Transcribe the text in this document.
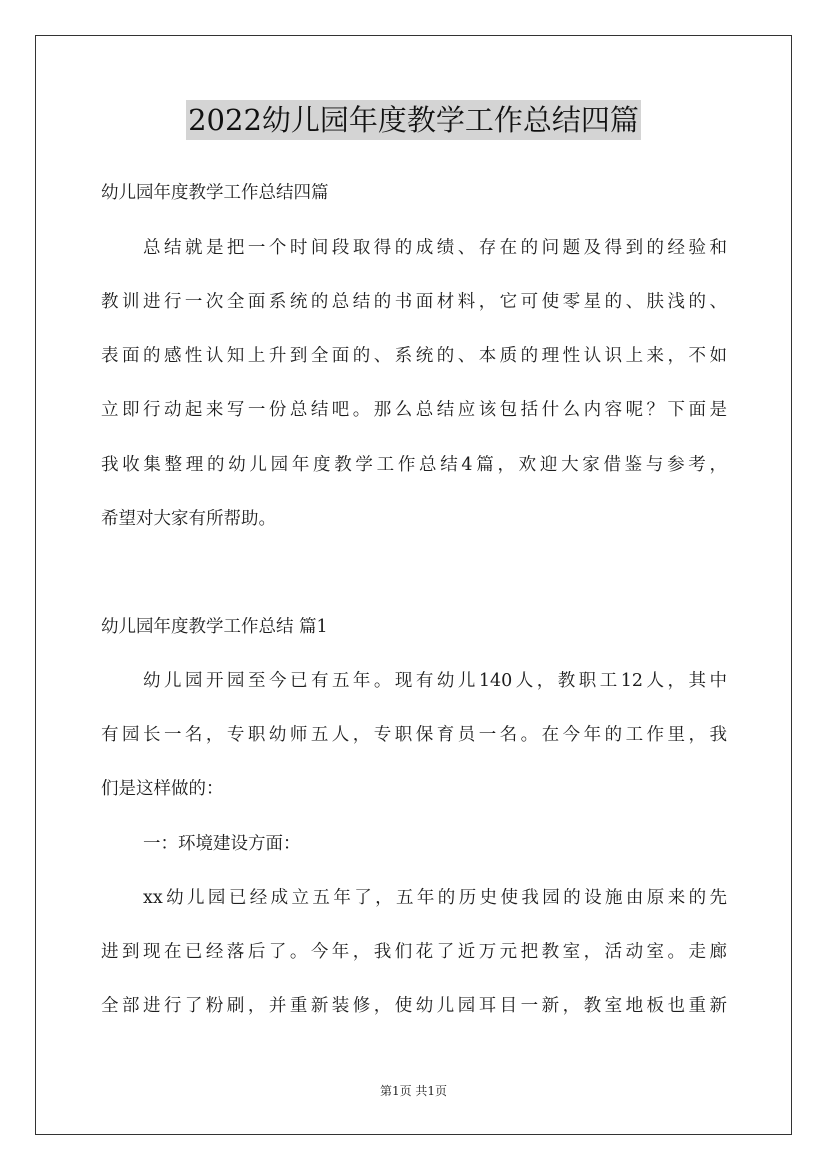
2022幼儿园年度教学工作总结四篇
幼儿园年度教学工作总结四篇
总结就是把一个时间段取得的成绩、存在的问题及得到的经验和
教训进行一次全面系统的总结的书面材料，它可使零星的、肤浅的、
表面的感性认知上升到全面的、系统的、本质的理性认识上来，不如
立即行动起来写一份总结吧。那么总结应该包括什么内容呢？下面是
我收集整理的幼儿园年度教学工作总结4篇，欢迎大家借鉴与参考，
希望对大家有所帮助。
幼儿园年度教学工作总结 篇1
幼儿园开园至今已有五年。现有幼儿140人，教职工12人，其中
有园长一名，专职幼师五人，专职保育员一名。在今年的工作里，我
们是这样做的：
一：环境建设方面：
xx幼儿园已经成立五年了，五年的历史使我园的设施由原来的先
进到现在已经落后了。今年，我们花了近万元把教室，活动室。走廊
全部进行了粉刷，并重新装修，使幼儿园耳目一新，教室地板也重新
第1页 共1页
